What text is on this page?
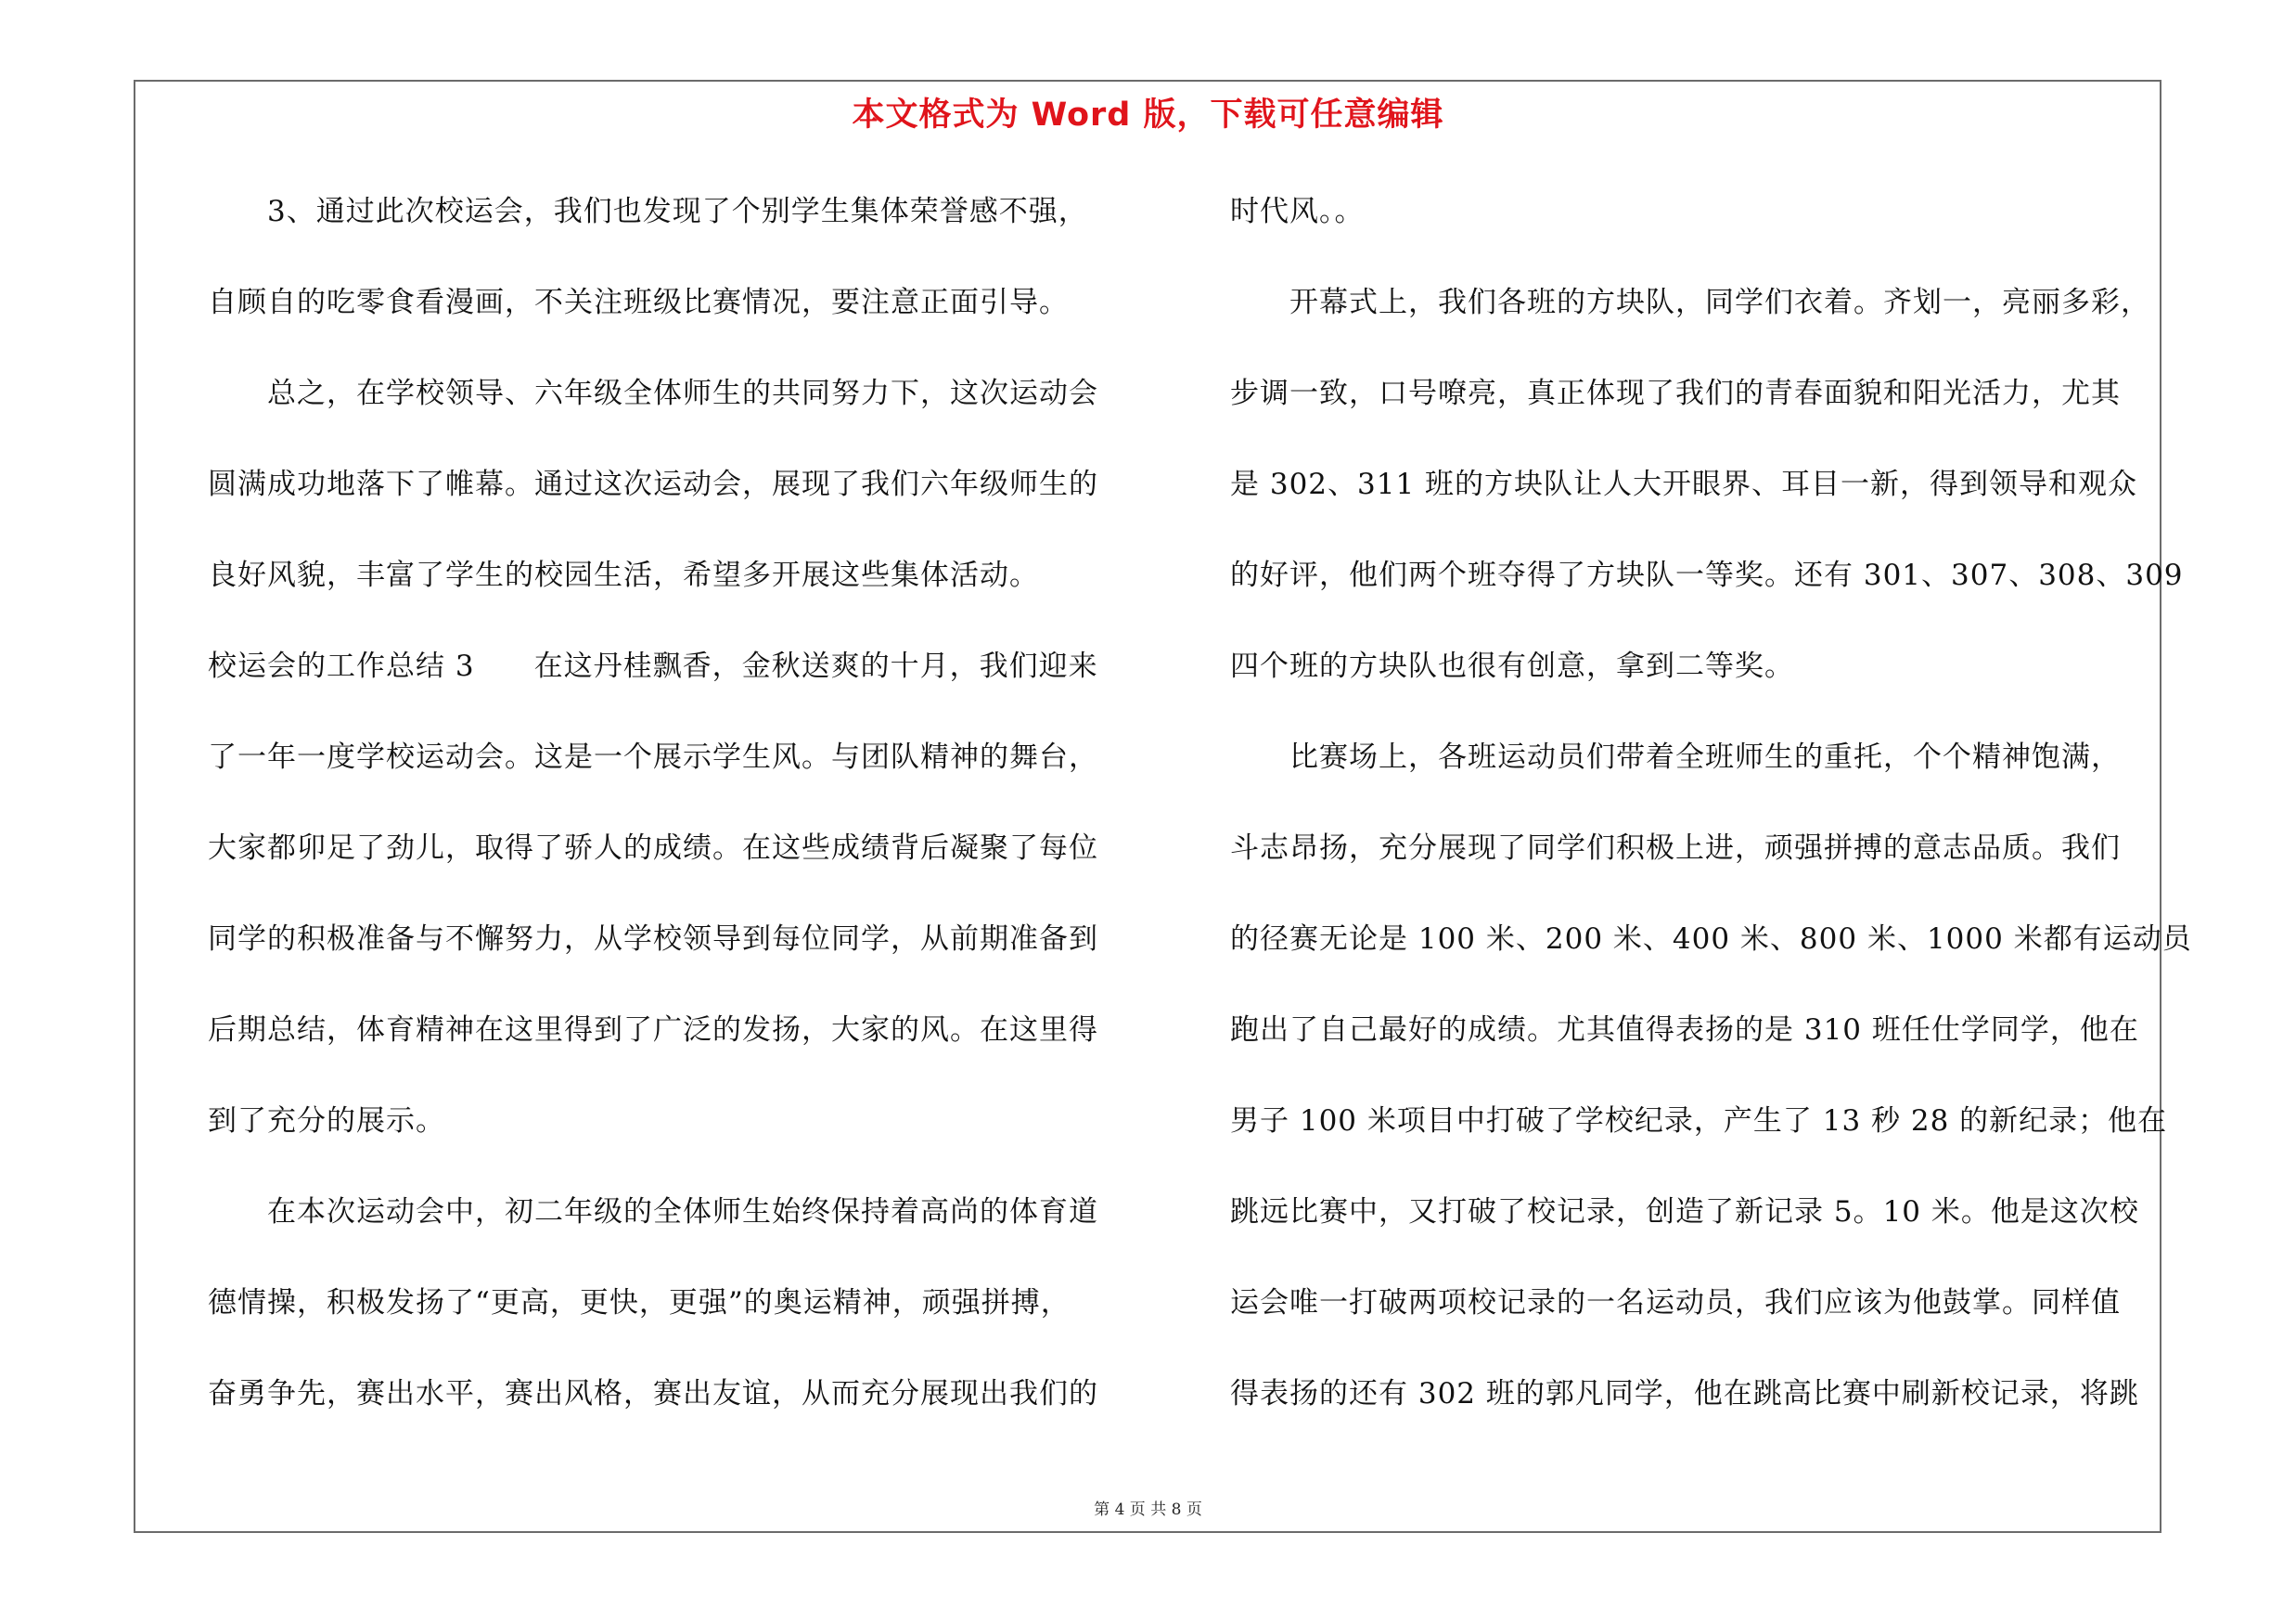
本文格式为 Word 版，下载可任意编辑
　　3、通过此次校运会，我们也发现了个别学生集体荣誉感不强，
自顾自的吃零食看漫画，不关注班级比赛情况，要注意正面引导。
　　总之，在学校领导、六年级全体师生的共同努力下，这次运动会
圆满成功地落下了帷幕。通过这次运动会，展现了我们六年级师生的
良好风貌，丰富了学生的校园生活，希望多开展这些集体活动。
校运会的工作总结 3　　在这丹桂飘香，金秋送爽的十月，我们迎来
了一年一度学校运动会。这是一个展示学生风。与团队精神的舞台，
大家都卯足了劲儿，取得了骄人的成绩。在这些成绩背后凝聚了每位
同学的积极准备与不懈努力，从学校领导到每位同学，从前期准备到
后期总结，体育精神在这里得到了广泛的发扬，大家的风。在这里得
到了充分的展示。
　　在本次运动会中，初二年级的全体师生始终保持着高尚的体育道
德情操，积极发扬了“更高，更快，更强”的奥运精神，顽强拼搏，
奋勇争先，赛出水平，赛出风格，赛出友谊，从而充分展现出我们的
时代风。。
　　开幕式上，我们各班的方块队，同学们衣着。齐划一，亮丽多彩，
步调一致，口号嘹亮，真正体现了我们的青春面貌和阳光活力，尤其
是 302、311 班的方块队让人大开眼界、耳目一新，得到领导和观众
的好评，他们两个班夺得了方块队一等奖。还有 301、307、308、309
四个班的方块队也很有创意，拿到二等奖。
　　比赛场上，各班运动员们带着全班师生的重托，个个精神饱满，
斗志昂扬，充分展现了同学们积极上进，顽强拼搏的意志品质。我们
的径赛无论是 100 米、200 米、400 米、800 米、1000 米都有运动员
跑出了自己最好的成绩。尤其值得表扬的是 310 班任仕学同学，他在
男子 100 米项目中打破了学校纪录，产生了 13 秒 28 的新纪录；他在
跳远比赛中，又打破了校记录，创造了新记录 5。10 米。他是这次校
运会唯一打破两项校记录的一名运动员，我们应该为他鼓掌。同样值
得表扬的还有 302 班的郭凡同学，他在跳高比赛中刷新校记录，将跳
第 4 页 共 8 页
